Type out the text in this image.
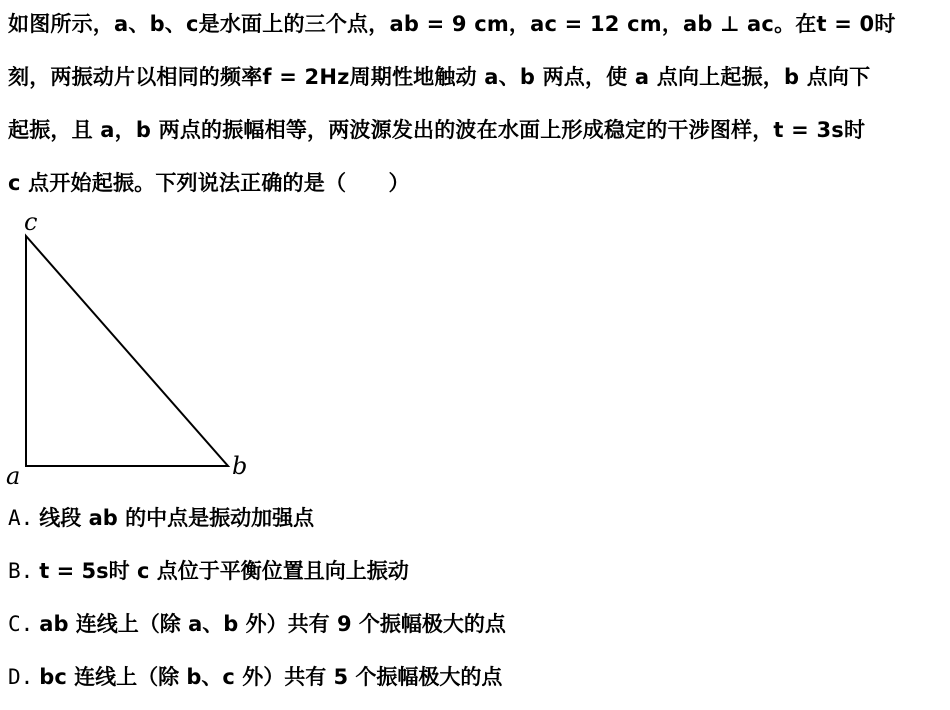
如图所示，a、b、c是水面上的三个点，ab = 9 cm，ac = 12 cm，ab ⊥ ac。在t = 0时
刻，两振动片以相同的频率f = 2Hz周期性地触动 a、b 两点，使 a 点向上起振，b 点向下
起振，且 a，b 两点的振幅相等，两波源发出的波在水面上形成稳定的干涉图样，t = 3s时
c 点开始起振。下列说法正确的是（　　）
c
a	b
A. 线段 ab 的中点是振动加强点
B. t = 5s时 c 点位于平衡位置且向上振动
C. ab 连线上（除 a、b 外）共有 9 个振幅极大的点
D. bc 连线上（除 b、c 外）共有 5 个振幅极大的点
